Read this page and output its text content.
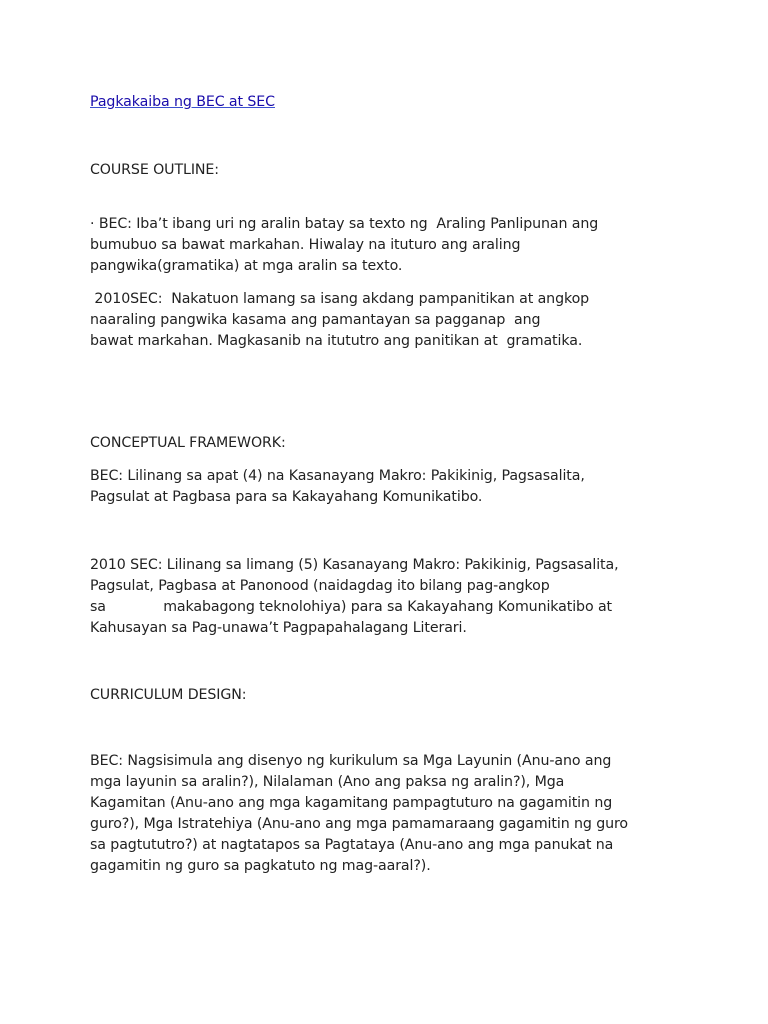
Pagkakaiba ng BEC at SEC
COURSE OUTLINE:
· BEC: Iba’t ibang uri ng aralin batay sa texto ng  Araling Panlipunan ang
bumubuo sa bawat markahan. Hiwalay na ituturo ang araling
pangwika(gramatika) at mga aralin sa texto.
2010SEC:  Nakatuon lamang sa isang akdang pampanitikan at angkop
naaraling pangwika kasama ang pamantayan sa pagganap  ang
bawat markahan. Magkasanib na itututro ang panitikan at  gramatika.
CONCEPTUAL FRAMEWORK:
BEC: Lilinang sa apat (4) na Kasanayang Makro: Pakikinig, Pagsasalita,
Pagsulat at Pagbasa para sa Kakayahang Komunikatibo.
2010 SEC: Lilinang sa limang (5) Kasanayang Makro: Pakikinig, Pagsasalita,
Pagsulat, Pagbasa at Panonood (naidagdag ito bilang pag-angkop
sa             makabagong teknolohiya) para sa Kakayahang Komunikatibo at
Kahusayan sa Pag-unawa’t Pagpapahalagang Literari.
CURRICULUM DESIGN:
BEC: Nagsisimula ang disenyo ng kurikulum sa Mga Layunin (Anu-ano ang
mga layunin sa aralin?), Nilalaman (Ano ang paksa ng aralin?), Mga
Kagamitan (Anu-ano ang mga kagamitang pampagtuturo na gagamitin ng
guro?), Mga Istratehiya (Anu-ano ang mga pamamaraang gagamitin ng guro
sa pagtututro?) at nagtatapos sa Pagtataya (Anu-ano ang mga panukat na
gagamitin ng guro sa pagkatuto ng mag-aaral?).
